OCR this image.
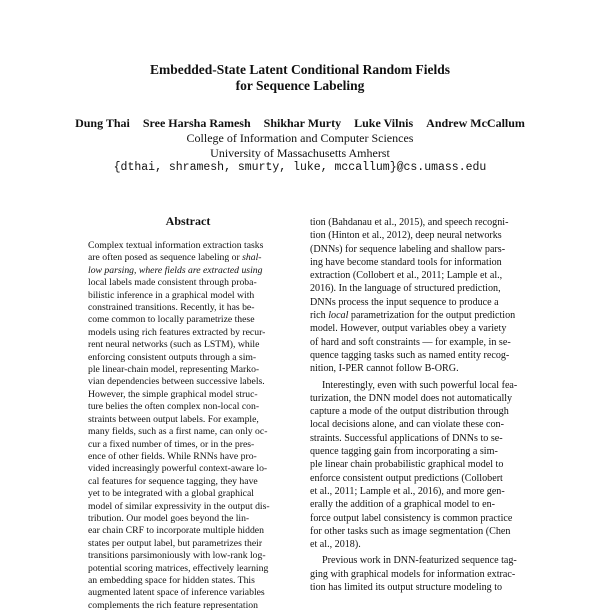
Embedded-State Latent Conditional Random Fields
for Sequence Labeling
Dung Thai Sree Harsha Ramesh Shikhar Murty Luke Vilnis Andrew McCallum
College of Information and Computer Sciences
University of Massachusetts Amherst
{dthai, shramesh, smurty, luke, mccallum}@cs.umass.edu
Abstract
Complex textual information extraction tasks
are often posed as sequence labeling or shal-
low parsing, where fields are extracted using
local labels made consistent through proba-
bilistic inference in a graphical model with
constrained transitions. Recently, it has be-
come common to locally parametrize these
models using rich features extracted by recur-
rent neural networks (such as LSTM), while
enforcing consistent outputs through a sim-
ple linear-chain model, representing Marko-
vian dependencies between successive labels.
However, the simple graphical model struc-
ture belies the often complex non-local con-
straints between output labels. For example,
many fields, such as a first name, can only oc-
cur a fixed number of times, or in the pres-
ence of other fields. While RNNs have pro-
vided increasingly powerful context-aware lo-
cal features for sequence tagging, they have
yet to be integrated with a global graphical
model of similar expressivity in the output dis-
tribution. Our model goes beyond the lin-
ear chain CRF to incorporate multiple hidden
states per output label, but parametrizes their
transitions parsimoniously with low-rank log-
potential scoring matrices, effectively learning
an embedding space for hidden states. This
augmented latent space of inference variables
complements the rich feature representation
tion (Bahdanau et al., 2015), and speech recogni-
tion (Hinton et al., 2012), deep neural networks
(DNNs) for sequence labeling and shallow pars-
ing have become standard tools for information
extraction (Collobert et al., 2011; Lample et al.,
2016). In the language of structured prediction,
DNNs process the input sequence to produce a
rich local parametrization for the output prediction
model. However, output variables obey a variety
of hard and soft constraints — for example, in se-
quence tagging tasks such as named entity recog-
nition, I-PER cannot follow B-ORG.
Interestingly, even with such powerful local fea-
turization, the DNN model does not automatically
capture a mode of the output distribution through
local decisions alone, and can violate these con-
straints. Successful applications of DNNs to se-
quence tagging gain from incorporating a sim-
ple linear chain probabilistic graphical model to
enforce consistent output predictions (Collobert
et al., 2011; Lample et al., 2016), and more gen-
erally the addition of a graphical model to en-
force output label consistency is common practice
for other tasks such as image segmentation (Chen
et al., 2018).
Previous work in DNN-featurized sequence tag-
ging with graphical models for information extrac-
tion has limited its output structure modeling to
